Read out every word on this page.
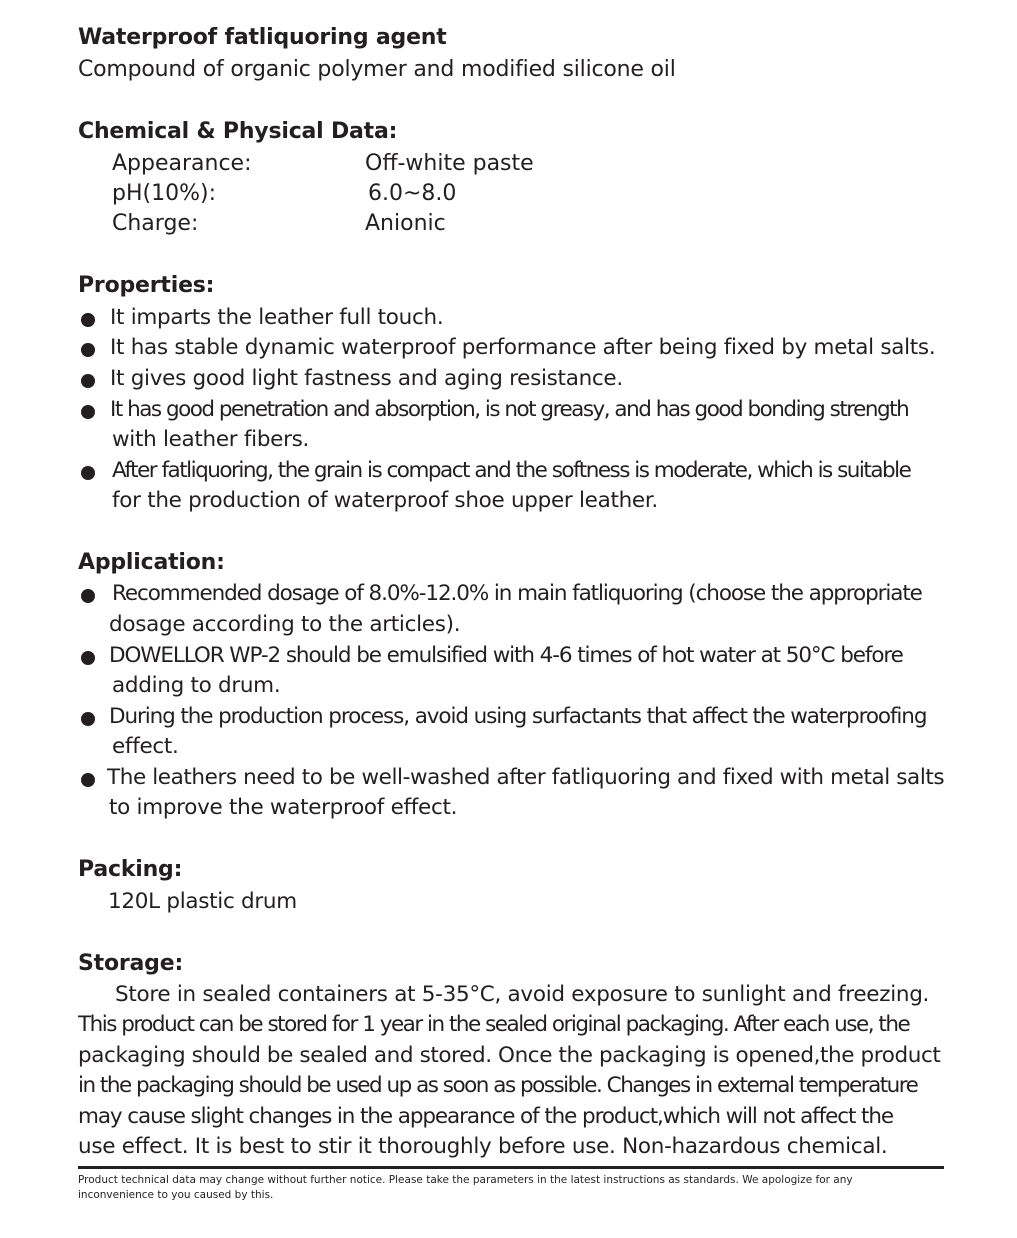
Waterproof fatliquoring agent
Compound of organic polymer and modified silicone oil
Chemical & Physical Data:
Appearance:	Off-white paste
pH(10%):	6.0~8.0
Charge:	Anionic
Properties:
It imparts the leather full touch.
It has stable dynamic waterproof performance after being fixed by metal salts.
It gives good light fastness and aging resistance.
It has good penetration and absorption, is not greasy, and has good bonding strength
with leather fibers.
After fatliquoring, the grain is compact and the softness is moderate, which is suitable
for the production of waterproof shoe upper leather.
Application:
Recommended dosage of 8.0%-12.0% in main fatliquoring (choose the appropriate
dosage according to the articles).
DOWELLOR WP-2 should be emulsified with 4-6 times of hot water at 50°C before
adding to drum.
During the production process, avoid using surfactants that affect the waterproofing
effect.
The leathers need to be well-washed after fatliquoring and fixed with metal salts
to improve the waterproof effect.
Packing:
120L plastic drum
Storage:
Store in sealed containers at 5-35°C, avoid exposure to sunlight and freezing.
This product can be stored for 1 year in the sealed original packaging. After each use, the
packaging should be sealed and stored. Once the packaging is opened,the product
in the packaging should be used up as soon as possible. Changes in external temperature
may cause slight changes in the appearance of the product,which will not affect the
use effect. It is best to stir it thoroughly before use. Non-hazardous chemical.
Product technical data may change without further notice. Please take the parameters in the latest instructions as standards. We apologize for any
inconvenience to you caused by this.
